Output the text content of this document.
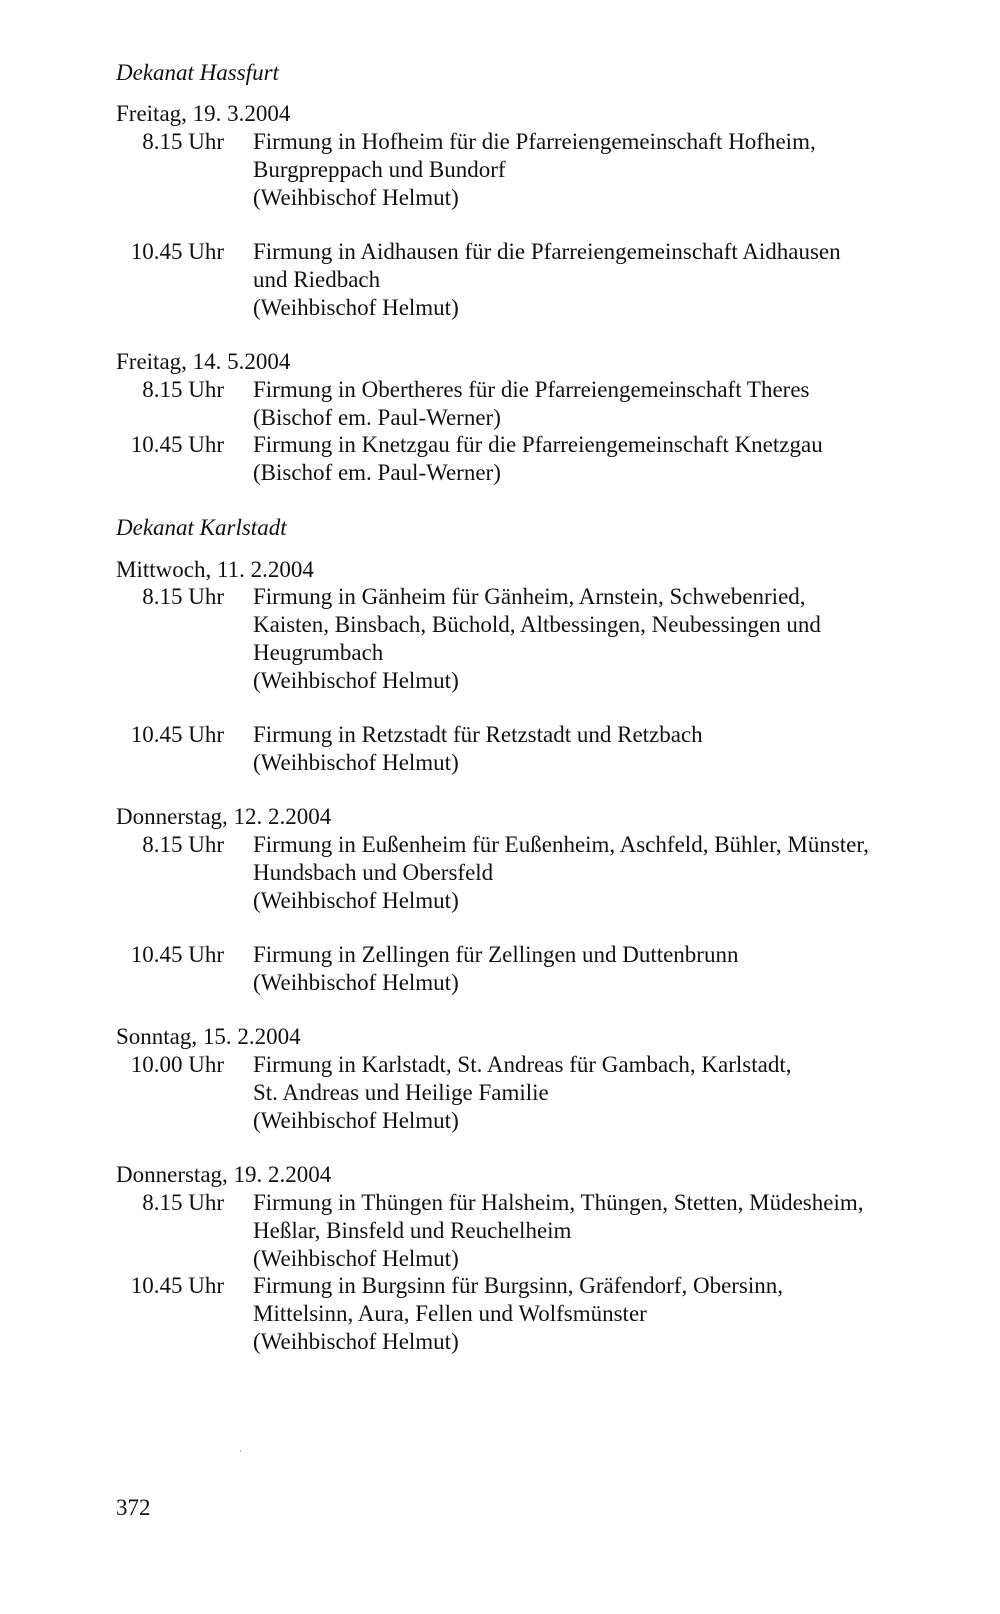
Dekanat Hassfurt
Freitag, 19. 3.2004
8.15 Uhr Firmung in Hofheim für die Pfarreiengemeinschaft Hofheim,
Burgpreppach und Bundorf
(Weihbischof Helmut)
10.45 Uhr Firmung in Aidhausen für die Pfarreiengemeinschaft Aidhausen
und Riedbach
(Weihbischof Helmut)
Freitag, 14. 5.2004
8.15 Uhr Firmung in Obertheres für die Pfarreiengemeinschaft Theres
(Bischof em. Paul-Werner)
10.45 Uhr Firmung in Knetzgau für die Pfarreiengemeinschaft Knetzgau
(Bischof em. Paul-Werner)
Dekanat Karlstadt
Mittwoch, 11. 2.2004
8.15 Uhr Firmung in Gänheim für Gänheim, Arnstein, Schwebenried,
Kaisten, Binsbach, Büchold, Altbessingen, Neubessingen und
Heugrumbach
(Weihbischof Helmut)
10.45 Uhr Firmung in Retzstadt für Retzstadt und Retzbach
(Weihbischof Helmut)
Donnerstag, 12. 2.2004
8.15 Uhr Firmung in Eußenheim für Eußenheim, Aschfeld, Bühler, Münster,
Hundsbach und Obersfeld
(Weihbischof Helmut)
10.45 Uhr Firmung in Zellingen für Zellingen und Duttenbrunn
(Weihbischof Helmut)
Sonntag, 15. 2.2004
10.00 Uhr Firmung in Karlstadt, St. Andreas für Gambach, Karlstadt,
St. Andreas und Heilige Familie
(Weihbischof Helmut)
Donnerstag, 19. 2.2004
8.15 Uhr Firmung in Thüngen für Halsheim, Thüngen, Stetten, Müdesheim,
Heßlar, Binsfeld und Reuchelheim
(Weihbischof Helmut)
10.45 Uhr Firmung in Burgsinn für Burgsinn, Gräfendorf, Obersinn,
Mittelsinn, Aura, Fellen und Wolfsmünster
(Weihbischof Helmut)
372
